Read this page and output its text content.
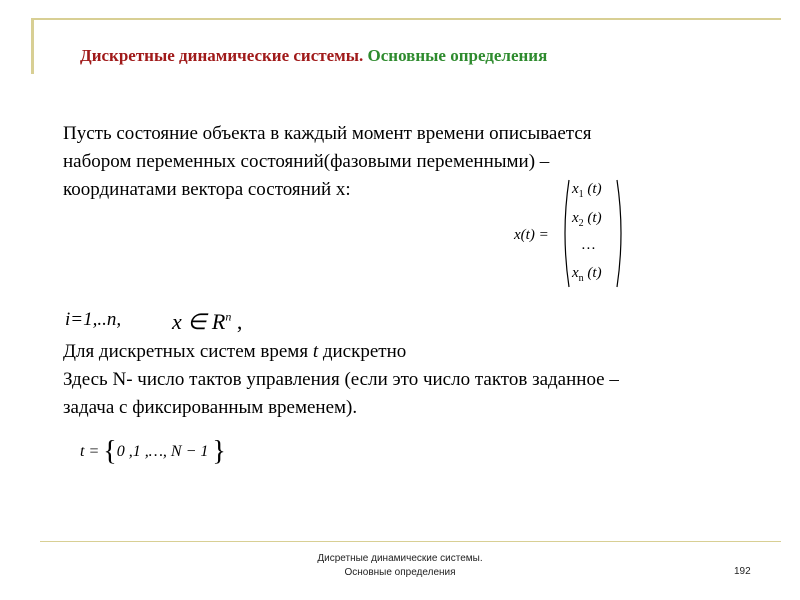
Дискретные динамические системы. Основные определения
Пусть состояние объекта в каждый момент времени описывается
набором переменных состояний(фазовыми переменными) –
координатами вектора состояний x:
x(t) =
$x_1$ (t)
$x_2$ (t)
…
$x_n$ (t)
i=1,..n, x ∈ $R^n$ ,
Для дискретных систем время t дискретно
Здесь N- число тактов управления (если это число тактов заданное –
задача с фиксированным временем).
t = {0 ,1 ,…, N − 1 }
Дисретные динамические системы.
Основные определения	192
